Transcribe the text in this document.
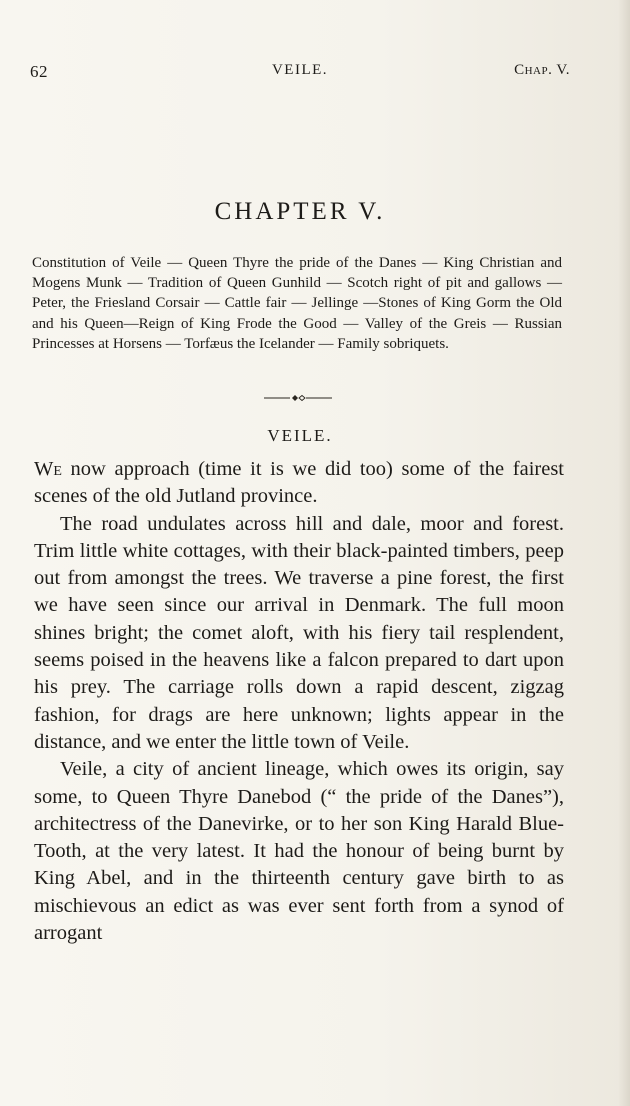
62	VEILE.	Chap. V.
CHAPTER V.
Constitution of Veile — Queen Thyre the pride of the Danes — King Christian and Mogens Munk — Tradition of Queen Gunhild — Scotch right of pit and gallows — Peter, the Friesland Corsair — Cattle fair — Jellinge —Stones of King Gorm the Old and his Queen—Reign of King Frode the Good — Valley of the Greis — Russian Princesses at Horsens — Torfæus the Icelander — Family sobriquets.
VEILE.

We now approach (time it is we did too) some of the fairest scenes of the old Jutland province.

The road undulates across hill and dale, moor and forest. Trim little white cottages, with their black-painted timbers, peep out from amongst the trees. We traverse a pine forest, the first we have seen since our arrival in Denmark. The full moon shines bright; the comet aloft, with his fiery tail resplendent, seems poised in the heavens like a falcon prepared to dart upon his prey. The carriage rolls down a rapid descent, zigzag fashion, for drags are here unknown; lights appear in the distance, and we enter the little town of Veile.

Veile, a city of ancient lineage, which owes its origin, say some, to Queen Thyre Danebod (“ the pride of the Danes”), architectress of the Danevirke, or to her son King Harald Blue-Tooth, at the very latest. It had the honour of being burnt by King Abel, and in the thirteenth century gave birth to as mischievous an edict as was ever sent forth from a synod of arrogant
